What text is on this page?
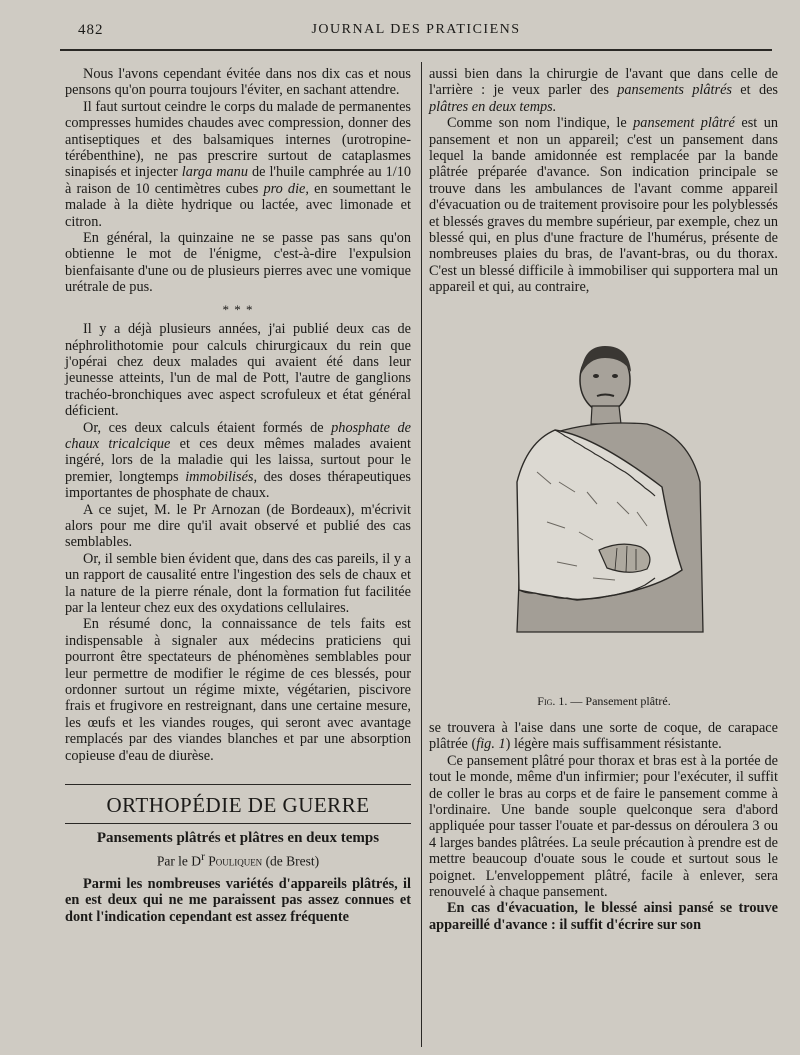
482	JOURNAL DES PRATICIENS

Nous l'avons cependant évitée dans nos dix cas et nous pensons qu'on pourra toujours l'éviter, en sachant attendre.

Il faut surtout ceindre le corps du malade de permanentes compresses humides chaudes avec compression, donner des antiseptiques et des balsamiques internes (urotropine-térébenthine), ne pas prescrire surtout de cataplasmes sinapisés et injecter larga manu de l'huile camphrée au 1/10 à raison de 10 centimètres cubes pro die, en soumettant le malade à la diète hydrique ou lactée, avec limonade et citron.

En général, la quinzaine ne se passe pas sans qu'on obtienne le mot de l'énigme, c'est-à-dire l'expulsion bienfaisante d'une ou de plusieurs pierres avec une vomique urétrale de pus.

* * *

Il y a déjà plusieurs années, j'ai publié deux cas de néphrolithotomie pour calculs chirurgicaux du rein que j'opérai chez deux malades qui avaient été dans leur jeunesse atteints, l'un de mal de Pott, l'autre de ganglions trachéo-bronchiques avec aspect scrofuleux et état général déficient.

Or, ces deux calculs étaient formés de phosphate de chaux tricalcique et ces deux mêmes malades avaient ingéré, lors de la maladie qui les laissa, surtout pour le premier, longtemps immobilisés, des doses thérapeutiques importantes de phosphate de chaux.

A ce sujet, M. le Pr Arnozan (de Bordeaux), m'écrivit alors pour me dire qu'il avait observé et publié des cas semblables.

Or, il semble bien évident que, dans des cas pareils, il y a un rapport de causalité entre l'ingestion des sels de chaux et la nature de la pierre rénale, dont la formation fut facilitée par la lenteur chez eux des oxydations cellulaires.

En résumé donc, la connaissance de tels faits est indispensable à signaler aux médecins praticiens qui pourront être spectateurs de phénomènes semblables pour leur permettre de modifier le régime de ces blessés, pour ordonner surtout un régime mixte, végétarien, piscivore frais et frugivore en restreignant, dans une certaine mesure, les œufs et les viandes rouges, qui seront avec avantage remplacés par des viandes blanches et par une absorption copieuse d'eau de diurèse.

ORTHOPÉDIE DE GUERRE
Pansements plâtrés et plâtres en deux temps
Par le $D^r$ Pouliquen (de Brest)

Parmi les nombreuses variétés d'appareils plâtrés, il en est deux qui ne me paraissent pas assez connues et dont l'indication cependant est assez fréquente

aussi bien dans la chirurgie de l'avant que dans celle de l'arrière : je veux parler des pansements plâtrés et des plâtres en deux temps.

Comme son nom l'indique, le pansement plâtré est un pansement et non un appareil; c'est un pansement dans lequel la bande amidonnée est remplacée par la bande plâtrée préparée d'avance. Son indication principale se trouve dans les ambulances de l'avant comme appareil d'évacuation ou de traitement provisoire pour les polyblessés et blessés graves du membre supérieur, par exemple, chez un blessé qui, en plus d'une fracture de l'humérus, présente de nombreuses plaies du bras, de l'avant-bras, ou du thorax. C'est un blessé difficile à immobiliser qui supportera mal un appareil et qui, au contraire,

Fig. 1. — Pansement plâtré.

se trouvera à l'aise dans une sorte de coque, de carapace plâtrée (fig. 1) légère mais suffisamment résistante.

Ce pansement plâtré pour thorax et bras est à la portée de tout le monde, même d'un infirmier; pour l'exécuter, il suffit de coller le bras au corps et de faire le pansement comme à l'ordinaire. Une bande souple quelconque sera d'abord appliquée pour tasser l'ouate et par-dessus on déroulera 3 ou 4 larges bandes plâtrées. La seule précaution à prendre est de mettre beaucoup d'ouate sous le coude et surtout sous le poignet. L'enveloppement plâtré, facile à enlever, sera renouvelé à chaque pansement.

En cas d'évacuation, le blessé ainsi pansé se trouve appareillé d'avance : il suffit d'écrire sur son
